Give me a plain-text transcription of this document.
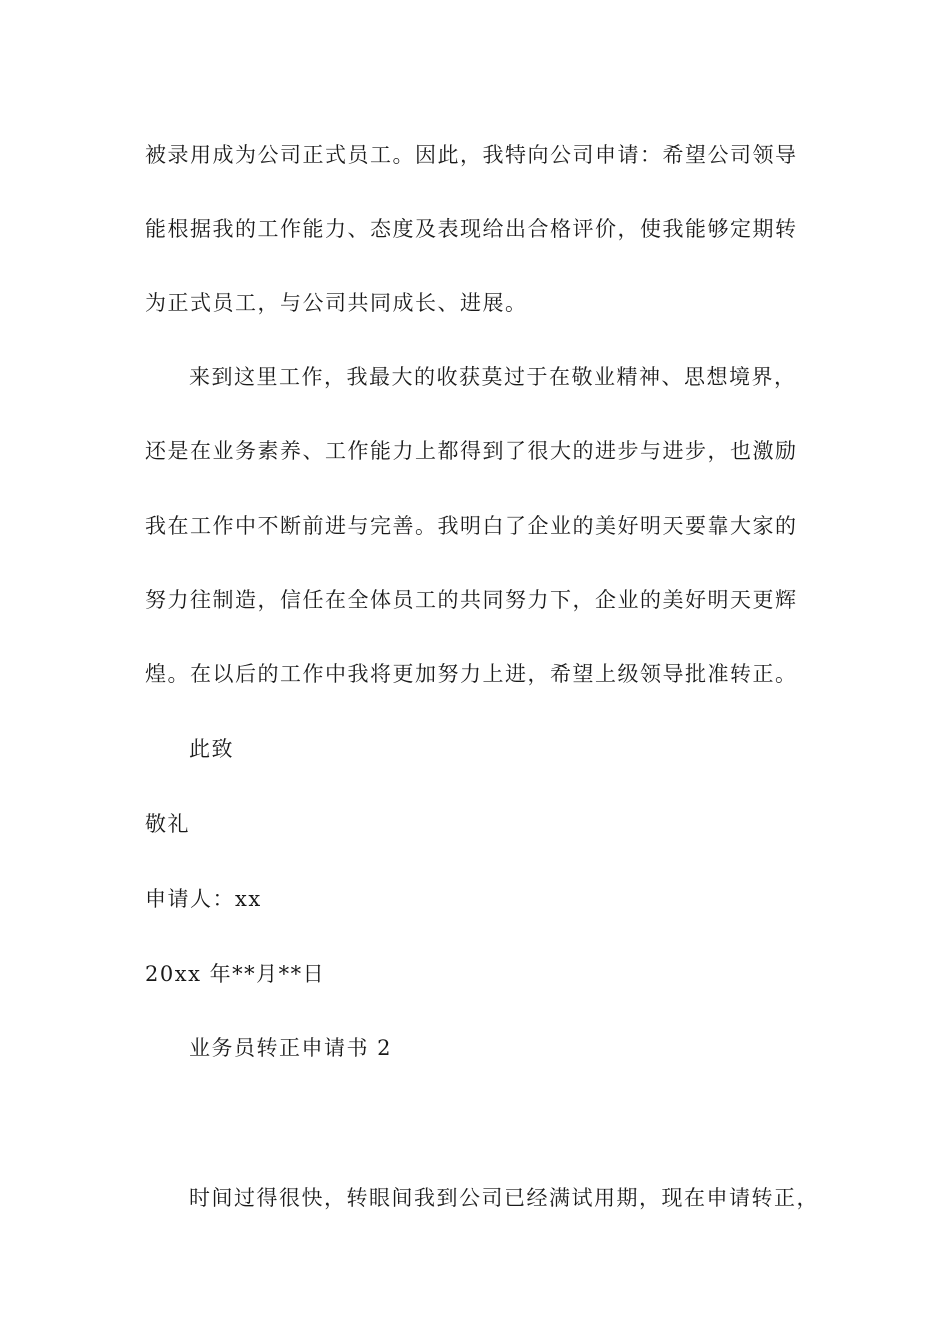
被录用成为公司正式员工。因此，我特向公司申请：希望公司领导
能根据我的工作能力、态度及表现给出合格评价，使我能够定期转
为正式员工，与公司共同成长、进展。
来到这里工作，我最大的收获莫过于在敬业精神、思想境界，
还是在业务素养、工作能力上都得到了很大的进步与进步，也激励
我在工作中不断前进与完善。我明白了企业的美好明天要靠大家的
努力往制造，信任在全体员工的共同努力下，企业的美好明天更辉
煌。在以后的工作中我将更加努力上进，希望上级领导批准转正。
此致
敬礼
申请人：xx
20xx 年**月**日
业务员转正申请书 2
时间过得很快，转眼间我到公司已经满试用期，现在申请转正，
